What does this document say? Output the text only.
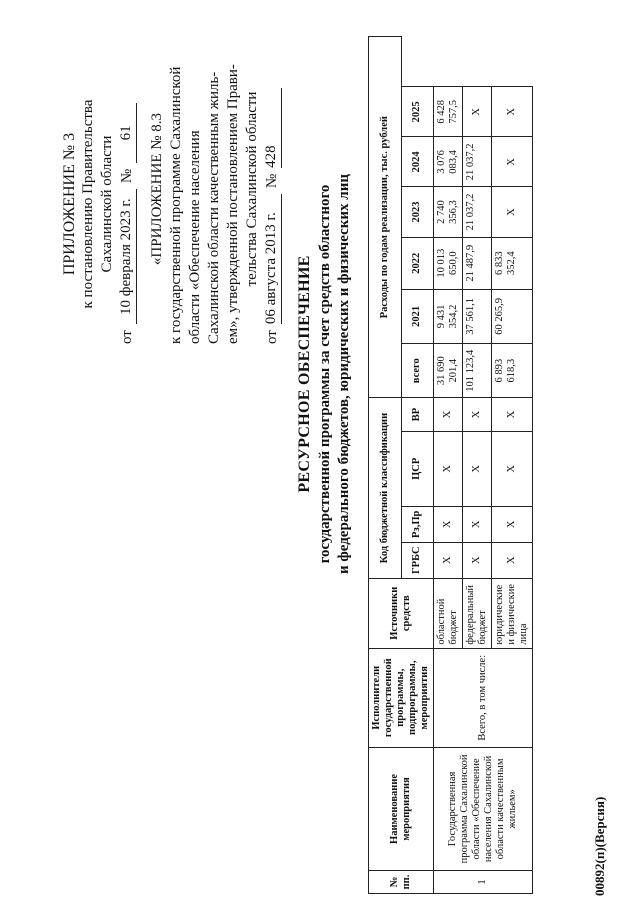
ПРИЛОЖЕНИЕ № 3 к постановлению Правительства Сахалинской области
от
10 февраля 2023 г.
№
61 «ПРИЛОЖЕНИЕ № 8.3 к государственной программе Сахалинской области «Обеспечение населения Сахалинской области качественным жиль- ем», утвержденной постановлением Прави- тельства Сахалинской области
от
06 августа 2013 г.
№
428
РЕСУРСНОЕ ОБЕСПЕЧЕНИЕ государственной программы за счет средств областного и федерального бюджетов, юридических и физических лиц
№ пп.	Наименование мероприятия	Исполнители государственной программы, подпрограммы, мероприятия	Источники средств	Код бюджетной классификации				Расходы по годам реализации, тыс. рублей					
				ГРБС	Рз,Пр	ЦСР	ВР	всего	2021	2022	2023	2024	2025
1	Государственная программа Сахалинской области «Обеспечение населения Сахалинской области качественным жильем»	Всего, в том числе:	областной бюджет	X	X	X	X	31 690 201,4	9 431 354,2	10 013 650,0	2 740 356,3	3 076 083,4	6 428 757,5
			федеральный бюджет	X	X	X	X	101 123,4	37 561,1	21 487,9	21 037,2	21 037,2	X
			юридические и физические лица	X	X	X	X	6 893 618,3	60 265,9	6 833 352,4	X	X	X
00892(п)(Версия)
